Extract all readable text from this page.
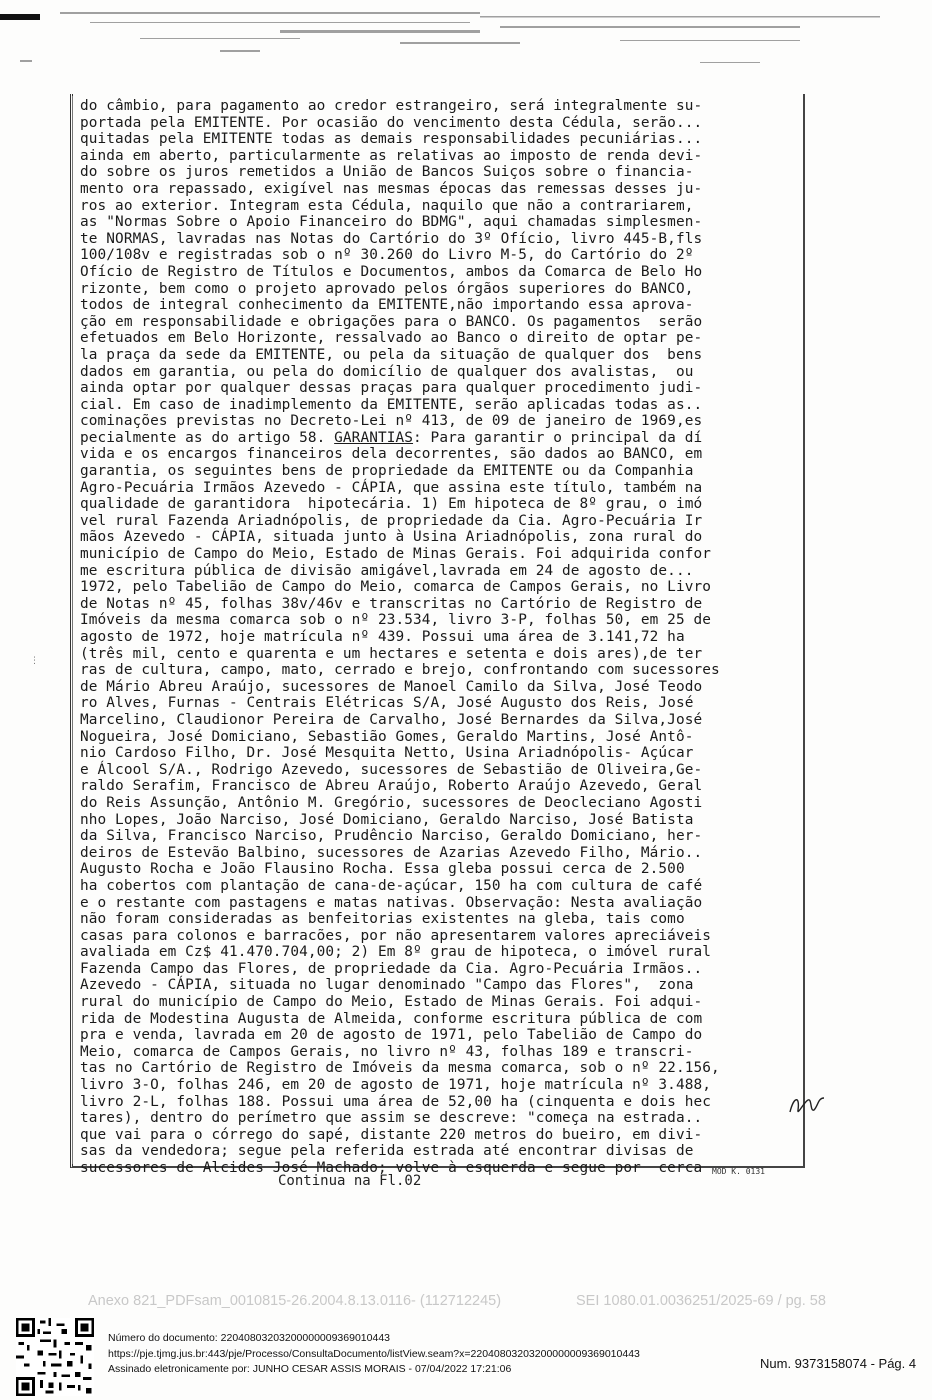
do câmbio, para pagamento ao credor estrangeiro, será integralmente su-
portada pela EMITENTE. Por ocasião do vencimento desta Cédula, serão...
quitadas pela EMITENTE todas as demais responsabilidades pecuniárias...
ainda em aberto, particularmente as relativas ao imposto de renda devi-
do sobre os juros remetidos a União de Bancos Suiços sobre o financia-
mento ora repassado, exigível nas mesmas épocas das remessas desses ju-
ros ao exterior. Integram esta Cédula, naquilo que não a contrariarem,
as "Normas Sobre o Apoio Financeiro do BDMG", aqui chamadas simplesmen-
te NORMAS, lavradas nas Notas do Cartório do 3º Ofício, livro 445-B,fls
100/108v e registradas sob o nº 30.260 do Livro M-5, do Cartório do 2º
Ofício de Registro de Títulos e Documentos, ambos da Comarca de Belo Ho
rizonte, bem como o projeto aprovado pelos órgãos superiores do BANCO,
todos de integral conhecimento da EMITENTE,não importando essa aprova-
ção em responsabilidade e obrigações para o BANCO. Os pagamentos  serão
efetuados em Belo Horizonte, ressalvado ao Banco o direito de optar pe-
la praça da sede da EMITENTE, ou pela da situação de qualquer dos  bens
dados em garantia, ou pela do domicílio de qualquer dos avalistas,  ou
ainda optar por qualquer dessas praças para qualquer procedimento judi-
cial. Em caso de inadimplemento da EMITENTE, serão aplicadas todas as..
cominações previstas no Decreto-Lei nº 413, de 09 de janeiro de 1969,es
pecialmente as do artigo 58. GARANTIAS: Para garantir o principal da dí
vida e os encargos financeiros dela decorrentes, são dados ao BANCO, em
garantia, os seguintes bens de propriedade da EMITENTE ou da Companhia
Agro-Pecuária Irmãos Azevedo - CÁPIA, que assina este título, também na
qualidade de garantidora  hipotecária. 1) Em hipoteca de 8º grau, o imó
vel rural Fazenda Ariadnópolis, de propriedade da Cia. Agro-Pecuária Ir
mãos Azevedo - CÁPIA, situada junto à Usina Ariadnópolis, zona rural do
município de Campo do Meio, Estado de Minas Gerais. Foi adquirida confor
me escritura pública de divisão amigável,lavrada em 24 de agosto de...
1972, pelo Tabelião de Campo do Meio, comarca de Campos Gerais, no Livro
de Notas nº 45, folhas 38v/46v e transcritas no Cartório de Registro de
Imóveis da mesma comarca sob o nº 23.534, livro 3-P, folhas 50, em 25 de
agosto de 1972, hoje matrícula nº 439. Possui uma área de 3.141,72 ha
(três mil, cento e quarenta e um hectares e setenta e dois ares),de ter
ras de cultura, campo, mato, cerrado e brejo, confrontando com sucessores
de Mário Abreu Araújo, sucessores de Manoel Camilo da Silva, José Teodo
ro Alves, Furnas - Centrais Elétricas S/A, José Augusto dos Reis, José
Marcelino, Claudionor Pereira de Carvalho, José Bernardes da Silva,José
Nogueira, José Domiciano, Sebastião Gomes, Geraldo Martins, José Antô-
nio Cardoso Filho, Dr. José Mesquita Netto, Usina Ariadnópolis- Açúcar
e Álcool S/A., Rodrigo Azevedo, sucessores de Sebastião de Oliveira,Ge-
raldo Serafim, Francisco de Abreu Araújo, Roberto Araújo Azevedo, Geral
do Reis Assunção, Antônio M. Gregório, sucessores de Deocleciano Agosti
nho Lopes, João Narciso, José Domiciano, Geraldo Narciso, José Batista
da Silva, Francisco Narciso, Prudêncio Narciso, Geraldo Domiciano, her-
deiros de Estevão Balbino, sucessores de Azarias Azevedo Filho, Mário..
Augusto Rocha e João Flausino Rocha. Essa gleba possui cerca de 2.500
ha cobertos com plantação de cana-de-açúcar, 150 ha com cultura de café
e o restante com pastagens e matas nativas. Observação: Nesta avaliação
não foram consideradas as benfeitorias existentes na gleba, tais como
casas para colonos e barracões, por não apresentarem valores apreciáveis
avaliada em Cz$ 41.470.704,00; 2) Em 8º grau de hipoteca, o imóvel rural
Fazenda Campo das Flores, de propriedade da Cia. Agro-Pecuária Irmãos..
Azevedo - CÁPIA, situada no lugar denominado "Campo das Flores",  zona
rural do município de Campo do Meio, Estado de Minas Gerais. Foi adqui-
rida de Modestina Augusta de Almeida, conforme escritura pública de com
pra e venda, lavrada em 20 de agosto de 1971, pelo Tabelião de Campo do
Meio, comarca de Campos Gerais, no livro nº 43, folhas 189 e transcri-
tas no Cartório de Registro de Imóveis da mesma comarca, sob o nº 22.156,
livro 3-O, folhas 246, em 20 de agosto de 1971, hoje matrícula nº 3.488,
livro 2-L, folhas 188. Possui uma área de 52,00 ha (cinquenta e dois hec
tares), dentro do perímetro que assim se descreve: "começa na estrada..
que vai para o córrego do sapé, distante 220 metros do bueiro, em divi-
sas da vendedora; segue pela referida estrada até encontrar divisas de
sucessores de Alcides José Machado; volve à esquerda e segue por  cerca	MOD K. 0131
Continua na Fl.02
⋮
Anexo 821_PDFsam_0010815-26.2004.8.13.0116- (112712245)	SEI 1080.01.0036251/2025-69 / pg. 58
Número do documento: 22040803203200000009369010443
https://pje.tjmg.jus.br:443/pje/Processo/ConsultaDocumento/listView.seam?x=22040803203200000009369010443
Assinado eletronicamente por: JUNHO CESAR ASSIS MORAIS - 07/04/2022 17:21:06	Num. 9373158074 - Pág. 4
